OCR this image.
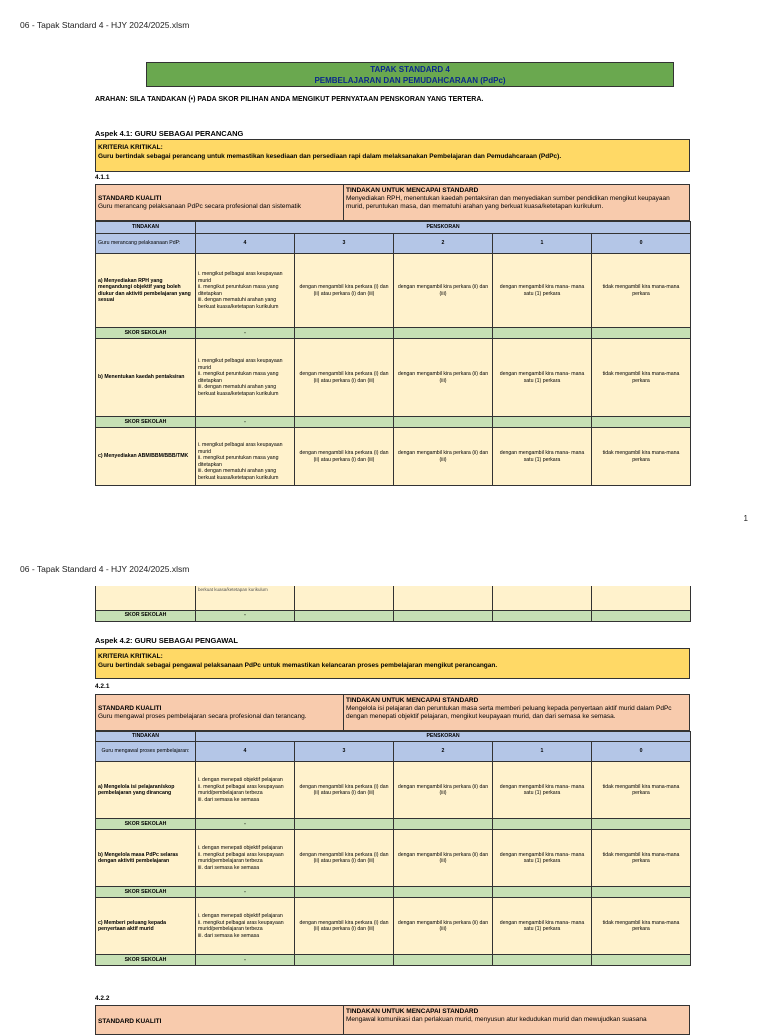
06 - Tapak Standard 4 - HJY 2024/2025.xlsm
TAPAK STANDARD 4
PEMBELAJARAN DAN PEMUDAHCARAAN (PdPc)
ARAHAN: SILA TANDAKAN (•) PADA SKOR PILIHAN ANDA MENGIKUT PERNYATAAN PENSKORAN YANG TERTERA.
Aspek 4.1: GURU SEBAGAI PERANCANG
KRITERIA KRITIKAL:
Guru bertindak sebagai perancang untuk memastikan kesediaan dan persediaan rapi dalam melaksanakan Pembelajaran dan Pemudahcaraan (PdPc).
4.1.1
STANDARD KUALITI
Guru merancang pelaksanaan PdPc secara profesional dan sistematik
TINDAKAN UNTUK MENCAPAI STANDARD
Menyediakan RPH, menentukan kaedah pentaksiran dan menyediakan sumber pendidikan mengikut keupayaan murid, peruntukan masa, dan mematuhi arahan yang berkuat kuasa/ketetapan kurikulum.
TINDAKAN	PENSKORAN				
Guru merancang pelaksanaan PdP:	4	3	2	1	0
a) Menyediakan RPH yang mengandungi objektif yang boleh diukur dan aktiviti pembelajaran yang sesuai	i. mengikut pelbagai aras keupayaan murid
ii. mengikut peruntukan masa yang ditetapkan
iii. dengan mematuhi arahan yang berkuat kuasa/ketetapan kurikulum	dengan mengambil kira perkara (i) dan (ii) atau perkara (i) dan (iii)	dengan mengambil kira perkara (ii) dan (iii)	dengan mengambil kira mana- mana satu (1) perkara	tidak mengambil kira mana-mana perkara
SKOR SEKOLAH	-				
b) Menentukan kaedah pentaksiran	i. mengikut pelbagai aras keupayaan murid
ii. mengikut peruntukan masa yang ditetapkan
iii. dengan mematuhi arahan yang berkuat kuasa/ketetapan kurikulum	dengan mengambil kira perkara (i) dan (ii) atau perkara (i) dan (iii)	dengan mengambil kira perkara (ii) dan (iii)	dengan mengambil kira mana- mana satu (1) perkara	tidak mengambil kira mana-mana perkara
SKOR SEKOLAH	-				
c) Menyediakan ABM/BBM/BBB/TMK	i. mengikut pelbagai aras keupayaan murid
ii. mengikut peruntukan masa yang ditetapkan
iii. dengan mematuhi arahan yang berkuat kuasa/ketetapan kurikulum	dengan mengambil kira perkara (i) dan (ii) atau perkara (i) dan (iii)	dengan mengambil kira perkara (ii) dan (iii)	dengan mengambil kira mana- mana satu (1) perkara	tidak mengambil kira mana-mana perkara
1
06 - Tapak Standard 4 - HJY 2024/2025.xlsm
	berkuat kuasa/ketetapan kurikulum				
SKOR SEKOLAH	-				
Aspek 4.2: GURU SEBAGAI PENGAWAL
KRITERIA KRITIKAL:
Guru bertindak sebagai pengawal pelaksanaan PdPc untuk memastikan kelancaran proses pembelajaran mengikut perancangan.
4.2.1
STANDARD KUALITI
Guru mengawal proses pembelajaran secara profesional dan terancang.
TINDAKAN UNTUK MENCAPAI STANDARD
Mengelola isi pelajaran dan peruntukan masa serta memberi peluang kepada penyertaan aktif murid dalam PdPc dengan menepati objektif pelajaran, mengikut keupayaan murid, dan dari semasa ke semasa.
TINDAKAN	PENSKORAN				
Guru mengawal proses pembelajaran:	4	3	2	1	0
a) Mengelola isi pelajaran/skop pembelajaran yang dirancang	i. dengan menepati objektif pelajaran
ii. mengikut pelbagai aras keupayaan murid/pembelajaran terbeza
iii. dari semasa ke semasa	dengan mengambil kira perkara (i) dan (ii) atau perkara (i) dan (iii)	dengan mengambil kira perkara (ii) dan (iii)	dengan mengambil kira mana- mana satu (1) perkara	tidak mengambil kira mana-mana perkara
SKOR SEKOLAH	-				
b) Mengelola masa PdPc selaras dengan aktiviti pembelajaran	i. dengan menepati objektif pelajaran
ii. mengikut pelbagai aras keupayaan murid/pembelajaran terbeza
iii. dari semasa ke semasa	dengan mengambil kira perkara (i) dan (ii) atau perkara (i) dan (iii)	dengan mengambil kira perkara (ii) dan (iii)	dengan mengambil kira mana- mana satu (1) perkara	tidak mengambil kira mana-mana perkara
SKOR SEKOLAH	-				
c) Memberi peluang kepada penyertaan aktif murid	i. dengan menepati objektif pelajaran
ii. mengikut pelbagai aras keupayaan murid/pembelajaran terbeza
iii. dari semasa ke semasa	dengan mengambil kira perkara (i) dan (ii) atau perkara (i) dan (iii)	dengan mengambil kira perkara (ii) dan (iii)	dengan mengambil kira mana- mana satu (1) perkara	tidak mengambil kira mana-mana perkara
SKOR SEKOLAH	-				
4.2.2
STANDARD KUALITI
TINDAKAN UNTUK MENCAPAI STANDARD
Mengawal komunikasi dan perlakuan murid, menyusun atur kedudukan murid dan mewujudkan suasana
